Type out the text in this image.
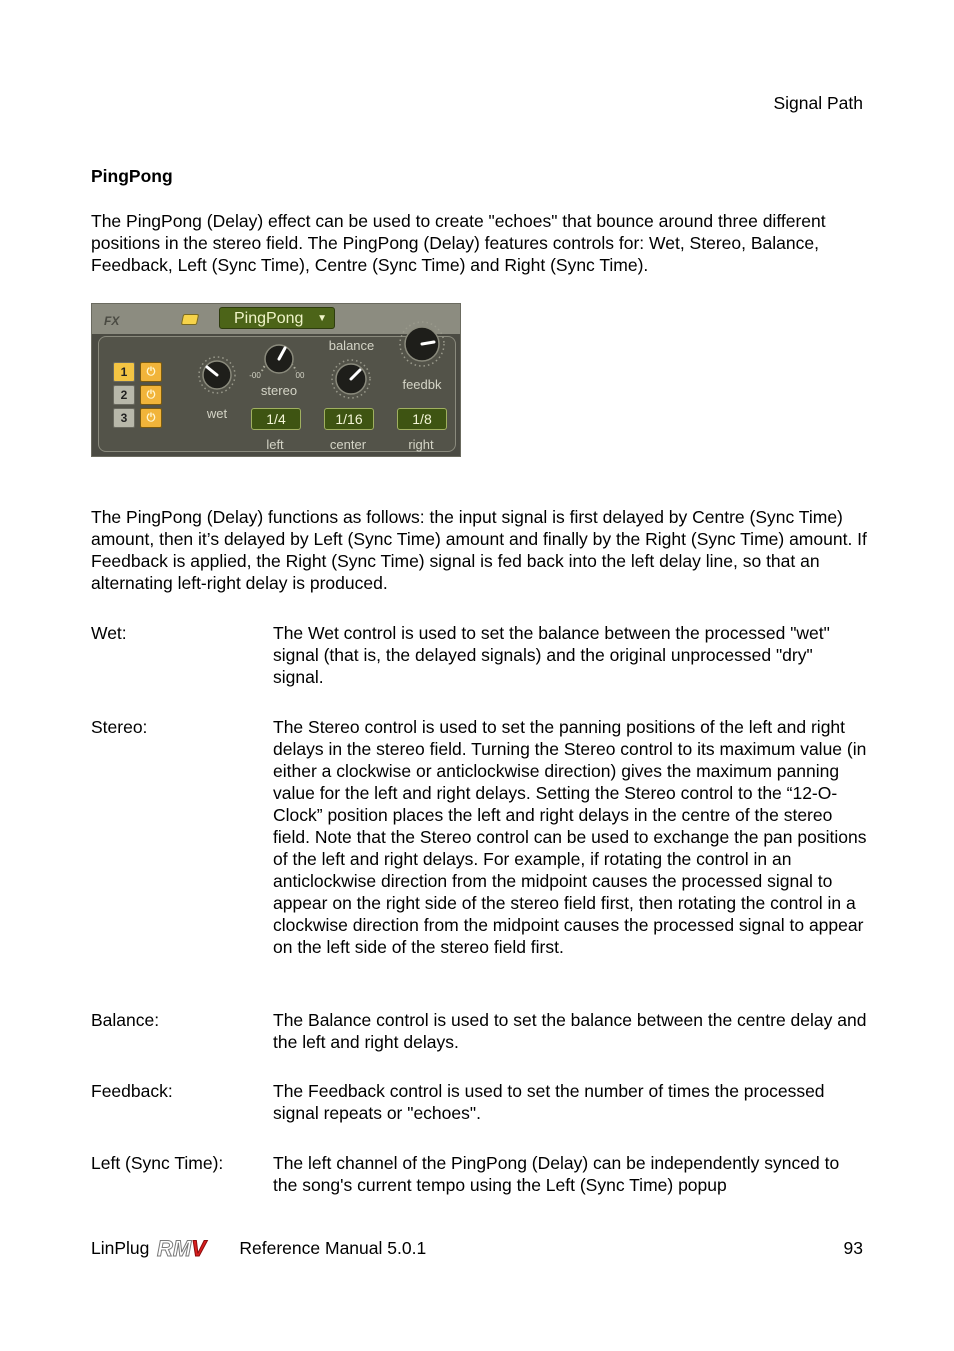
Signal Path
PingPong

The PingPong (Delay) effect can be used to create "echoes" that bounce around three different positions in the stereo field. The PingPong (Delay) features controls for: Wet, Stereo, Balance, Feedback, Left (Sync Time), Centre (Sync Time) and Right (Sync Time).

FX	PingPong ▼
1	⏻
2	⏻
3	⏻	wet
-00	00
stereo
balance
feedbk
1/4	1/16	1/8
left	center	right

The PingPong (Delay) functions as follows: the input signal is first delayed by Centre (Sync Time) amount, then it’s delayed by Left (Sync Time) amount and finally by the Right (Sync Time) amount. If Feedback is applied, the Right (Sync Time) signal is fed back into the left delay line, so that an alternating left-right delay is produced.

Wet:	The Wet control is used to set the balance between the processed "wet" signal (that is, the delayed signals) and the original unprocessed "dry" signal.

Stereo:	The Stereo control is used to set the panning positions of the left and right delays in the stereo field. Turning the Stereo control to its maximum value (in either a clockwise or anticlockwise direction) gives the maximum panning value for the left and right delays. Setting the Stereo control to the “12-O-Clock” position places the left and right delays in the centre of the stereo field. Note that the Stereo control can be used to exchange the pan positions of the left and right delays. For example, if rotating the control in an anticlockwise direction from the midpoint causes the processed signal to appear on the right side of the stereo field first, then rotating the control in a clockwise direction from the midpoint causes the processed signal to appear on the left side of the stereo field first.

Balance:	The Balance control is used to set the balance between the centre delay and the left and right delays.

Feedback:	The Feedback control is used to set the number of times the processed signal repeats or "echoes".

Left (Sync Time):	The left channel of the PingPong (Delay) can be independently synced to the song's current tempo using the Left (Sync Time) popup

LinPlug RMV Reference Manual 5.0.1	93
